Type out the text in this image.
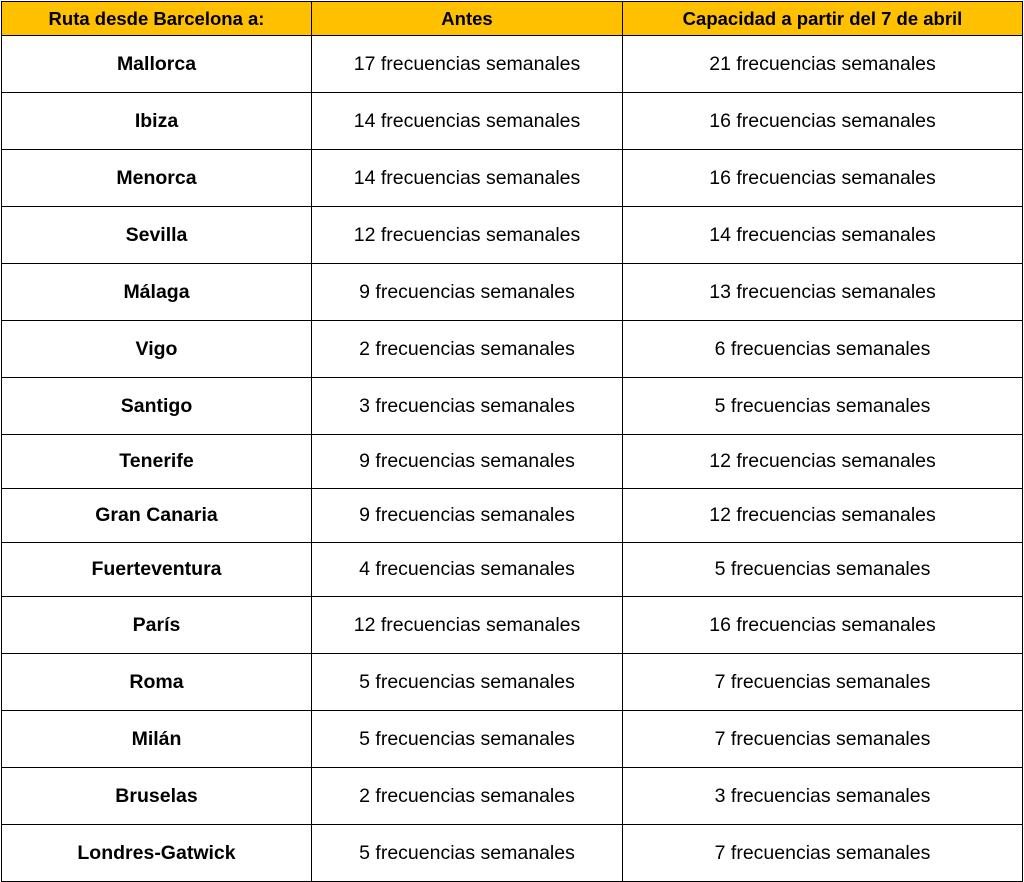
Ruta desde Barcelona a:	Antes	Capacidad a partir del 7 de abril
Mallorca	17 frecuencias semanales	21 frecuencias semanales
Ibiza	14 frecuencias semanales	16 frecuencias semanales
Menorca	14 frecuencias semanales	16 frecuencias semanales
Sevilla	12 frecuencias semanales	14 frecuencias semanales
Málaga	9 frecuencias semanales	13 frecuencias semanales
Vigo	2 frecuencias semanales	6 frecuencias semanales
Santigo	3 frecuencias semanales	5 frecuencias semanales
Tenerife	9 frecuencias semanales	12 frecuencias semanales
Gran Canaria	9 frecuencias semanales	12 frecuencias semanales
Fuerteventura	4 frecuencias semanales	5 frecuencias semanales
París	12 frecuencias semanales	16 frecuencias semanales
Roma	5 frecuencias semanales	7 frecuencias semanales
Milán	5 frecuencias semanales	7 frecuencias semanales
Bruselas	2 frecuencias semanales	3 frecuencias semanales
Londres-Gatwick	5 frecuencias semanales	7 frecuencias semanales
